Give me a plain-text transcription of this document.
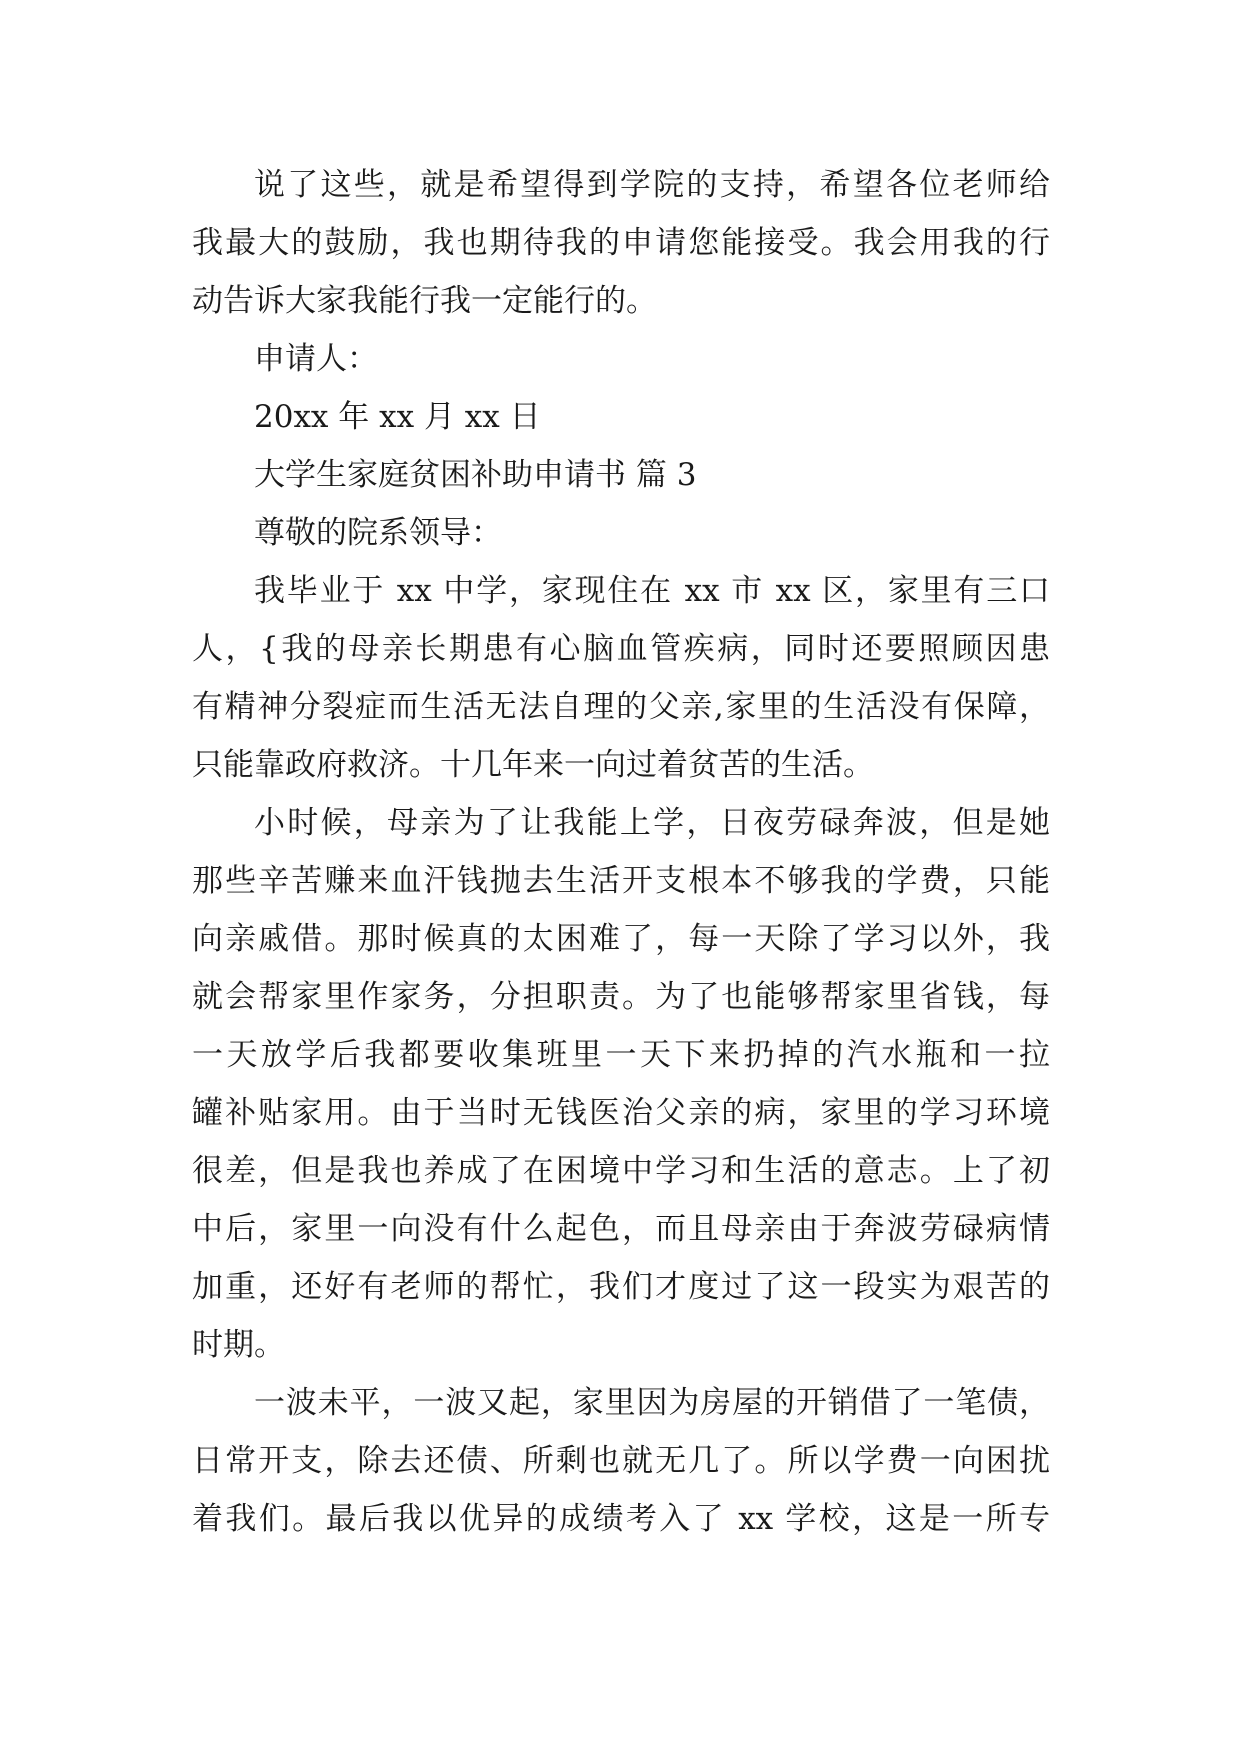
说了这些，就是希望得到学院的支持，希望各位老师给
我最大的鼓励，我也期待我的申请您能接受。我会用我的行
动告诉大家我能行我一定能行的。
申请人：
20xx 年 xx 月 xx 日
大学生家庭贫困补助申请书 篇 3
尊敬的院系领导：
我毕业于 xx 中学，家现住在 xx 市 xx 区，家里有三口
人，{我的母亲长期患有心脑血管疾病，同时还要照顾因患
有精神分裂症而生活无法自理的父亲,家里的生活没有保障，
只能靠政府救济。十几年来一向过着贫苦的生活。
小时候，母亲为了让我能上学，日夜劳碌奔波，但是她
那些辛苦赚来血汗钱抛去生活开支根本不够我的学费，只能
向亲戚借。那时候真的太困难了，每一天除了学习以外，我
就会帮家里作家务，分担职责。为了也能够帮家里省钱，每
一天放学后我都要收集班里一天下来扔掉的汽水瓶和一拉
罐补贴家用。由于当时无钱医治父亲的病，家里的学习环境
很差，但是我也养成了在困境中学习和生活的意志。上了初
中后，家里一向没有什么起色，而且母亲由于奔波劳碌病情
加重，还好有老师的帮忙，我们才度过了这一段实为艰苦的
时期。
一波未平，一波又起，家里因为房屋的开销借了一笔债，
日常开支，除去还债、所剩也就无几了。所以学费一向困扰
着我们。最后我以优异的成绩考入了 xx 学校，这是一所专
